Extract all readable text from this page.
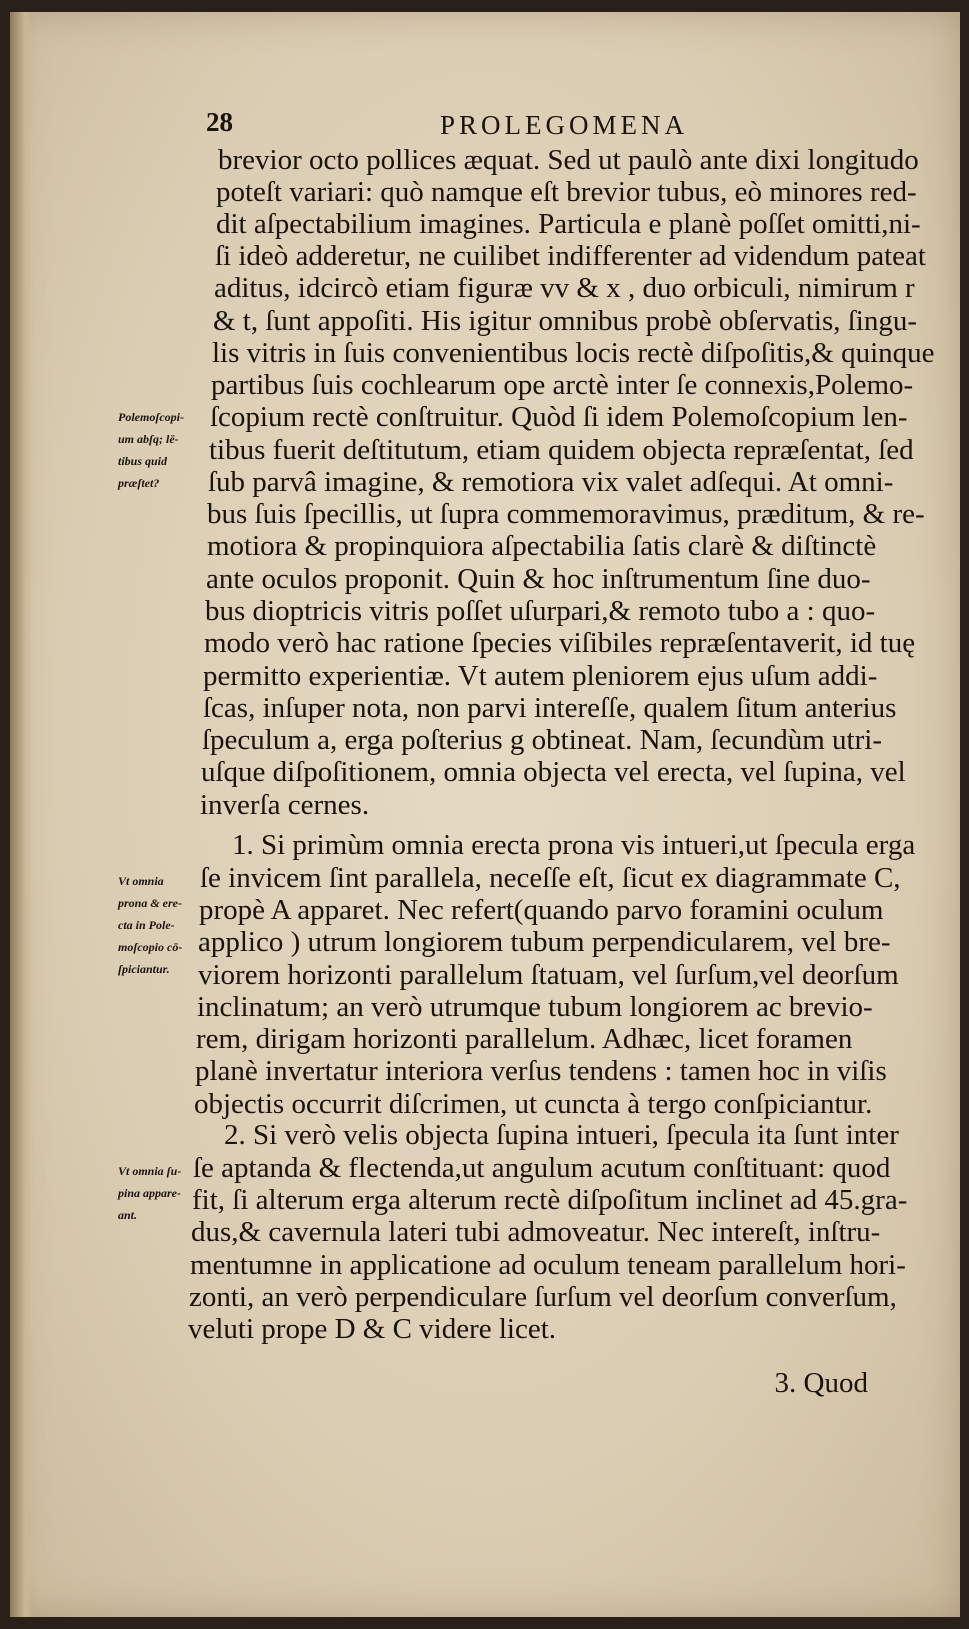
28	PROLEGOMENA
brevior octo pollices æquat. Sed ut paulò ante dixi longitudo
poteſt variari: quò namque eſt brevior tubus, eò minores red-
dit aſpectabilium imagines. Particula e planè poſſet omitti,ni-
ſi ideò adderetur, ne cuilibet indifferenter ad videndum pateat
aditus, idcircò etiam figuræ vv & x , duo orbiculi, nimirum r
& t, ſunt appoſiti. His igitur omnibus probè obſervatis, ſingu-
lis vitris in ſuis convenientibus locis rectè diſpoſitis,& quinque
partibus ſuis cochlearum ope arctè inter ſe connexis,Polemo-
ſcopium rectè conſtruitur. Quòd ſi idem Polemoſcopium len-
tibus fuerit deſtitutum, etiam quidem objecta repræſentat, ſed
ſub parvâ imagine, & remotiora vix valet adſequi. At omni-
bus ſuis ſpecillis, ut ſupra commemoravimus, præditum, & re-
motiora & propinquiora aſpectabilia ſatis clarè & diſtinctè
ante oculos proponit. Quin & hoc inſtrumentum ſine duo-
bus dioptricis vitris poſſet uſurpari,& remoto tubo a : quo-
modo verò hac ratione ſpecies viſibiles repræſentaverit, id tuę
permitto experientiæ. Vt autem pleniorem ejus uſum addi-
ſcas, inſuper nota, non parvi intereſſe, qualem ſitum anterius
ſpeculum a, erga poſterius g obtineat. Nam, ſecundùm utri-
uſque diſpoſitionem, omnia objecta vel erecta, vel ſupina, vel
inverſa cernes.
1. Si primùm omnia erecta prona vis intueri,ut ſpecula erga
ſe invicem ſint parallela, neceſſe eſt, ſicut ex diagrammate C,
propè A apparet. Nec refert(quando parvo foramini oculum
applico ) utrum longiorem tubum perpendicularem, vel bre-
viorem horizonti parallelum ſtatuam, vel ſurſum,vel deorſum
inclinatum; an verò utrumque tubum longiorem ac brevio-
rem, dirigam horizonti parallelum. Adhæc, licet foramen
planè invertatur interiora verſus tendens : tamen hoc in viſis
objectis occurrit diſcrimen, ut cuncta à tergo conſpiciantur.
2. Si verò velis objecta ſupina intueri, ſpecula ita ſunt inter
ſe aptanda & flectenda,ut angulum acutum conſtituant: quod
fit, ſi alterum erga alterum rectè diſpoſitum inclinet ad 45.gra-
dus,& cavernula lateri tubi admoveatur. Nec intereſt, inſtru-
mentumne in applicatione ad oculum teneam parallelum hori-
zonti, an verò perpendiculare ſurſum vel deorſum converſum,
veluti prope D & C videre licet.
3. Quod
Polemoſcopi-
um abſq; lē-
tibus quid
præſtet?
Vt omnia
prona & ere-
cta in Pole-
moſcopio cō-
ſpiciantur.
Vt omnia ſu-
pina appare-
ant.
